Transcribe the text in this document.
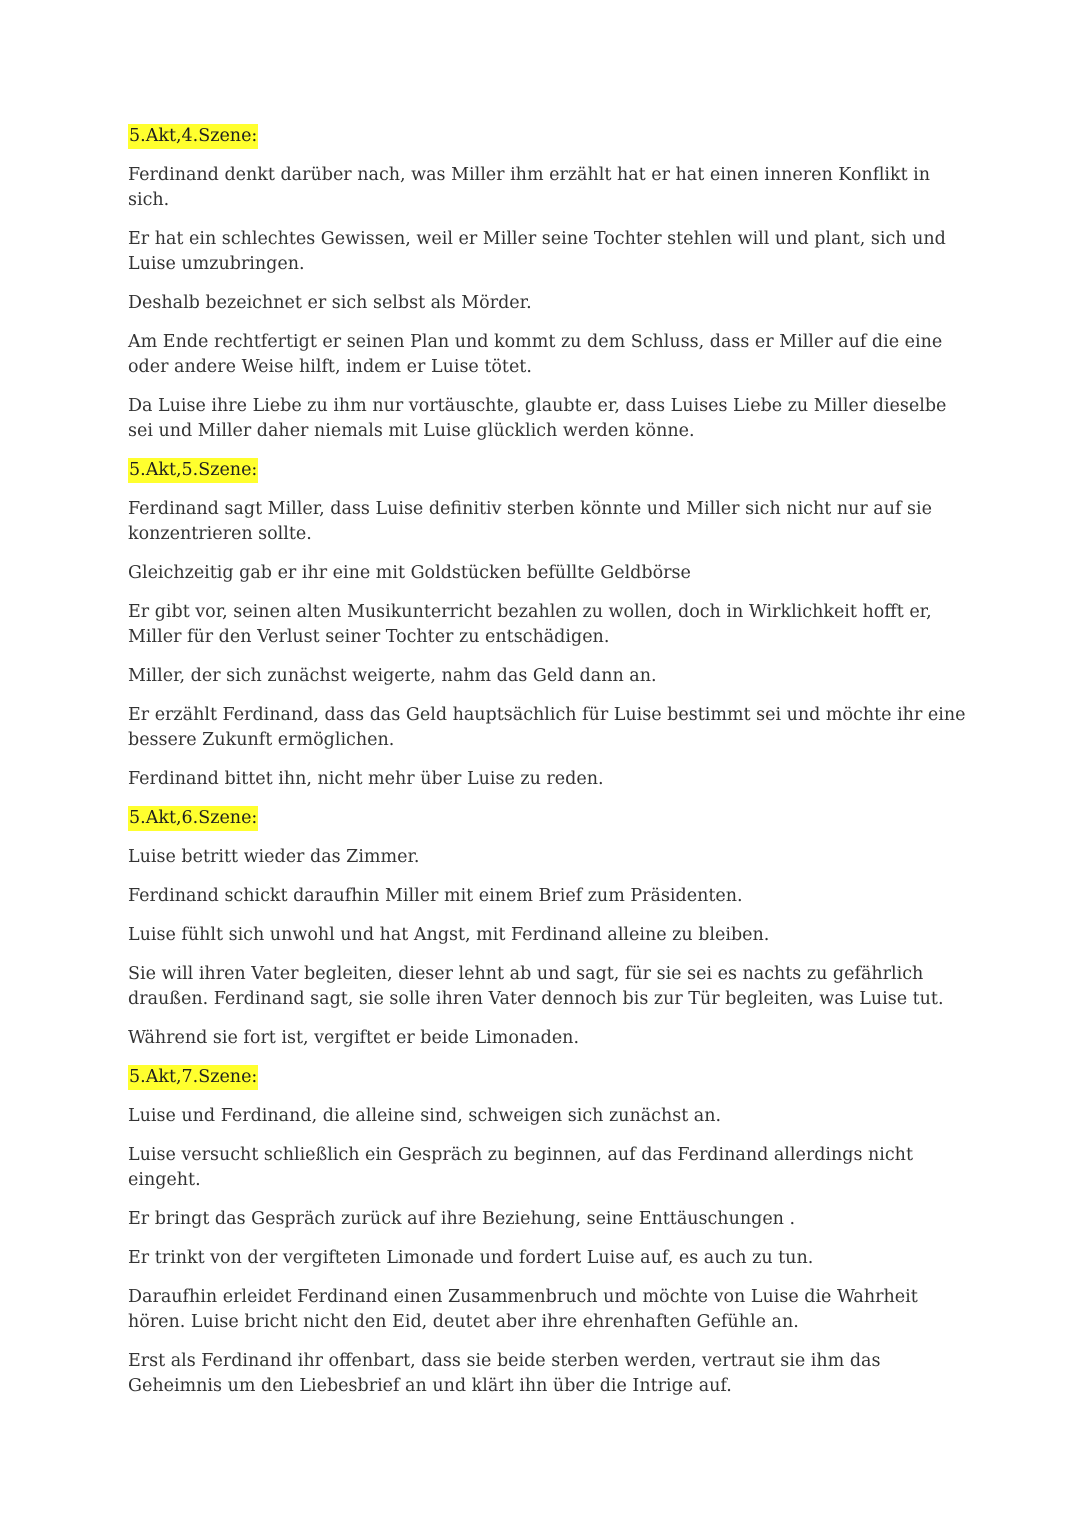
5.Akt,4.Szene:

Ferdinand denkt darüber nach, was Miller ihm erzählt hat er hat einen inneren Konflikt in sich.

Er hat ein schlechtes Gewissen, weil er Miller seine Tochter stehlen will und plant, sich und Luise umzubringen.

Deshalb bezeichnet er sich selbst als Mörder.

Am Ende rechtfertigt er seinen Plan und kommt zu dem Schluss, dass er Miller auf die eine oder andere Weise hilft, indem er Luise tötet.

Da Luise ihre Liebe zu ihm nur vortäuschte, glaubte er, dass Luises Liebe zu Miller dieselbe sei und Miller daher niemals mit Luise glücklich werden könne.

5.Akt,5.Szene:

Ferdinand sagt Miller, dass Luise definitiv sterben könnte und Miller sich nicht nur auf sie konzentrieren sollte.

Gleichzeitig gab er ihr eine mit Goldstücken befüllte Geldbörse

Er gibt vor, seinen alten Musikunterricht bezahlen zu wollen, doch in Wirklichkeit hofft er, Miller für den Verlust seiner Tochter zu entschädigen.

Miller, der sich zunächst weigerte, nahm das Geld dann an.

Er erzählt Ferdinand, dass das Geld hauptsächlich für Luise bestimmt sei und möchte ihr eine bessere Zukunft ermöglichen.

Ferdinand bittet ihn, nicht mehr über Luise zu reden.

5.Akt,6.Szene:

Luise betritt wieder das Zimmer.

Ferdinand schickt daraufhin Miller mit einem Brief zum Präsidenten.

Luise fühlt sich unwohl und hat Angst, mit Ferdinand alleine zu bleiben.

Sie will ihren Vater begleiten, dieser lehnt ab und sagt, für sie sei es nachts zu gefährlich draußen. Ferdinand sagt, sie solle ihren Vater dennoch bis zur Tür begleiten, was Luise tut.

Während sie fort ist, vergiftet er beide Limonaden.

5.Akt,7.Szene:

Luise und Ferdinand, die alleine sind, schweigen sich zunächst an.

Luise versucht schließlich ein Gespräch zu beginnen, auf das Ferdinand allerdings nicht eingeht.

Er bringt das Gespräch zurück auf ihre Beziehung, seine Enttäuschungen .

Er trinkt von der vergifteten Limonade und fordert Luise auf, es auch zu tun.

Daraufhin erleidet Ferdinand einen Zusammenbruch und möchte von Luise die Wahrheit hören. Luise bricht nicht den Eid, deutet aber ihre ehrenhaften Gefühle an.

Erst als Ferdinand ihr offenbart, dass sie beide sterben werden, vertraut sie ihm das Geheimnis um den Liebesbrief an und klärt ihn über die Intrige auf.
